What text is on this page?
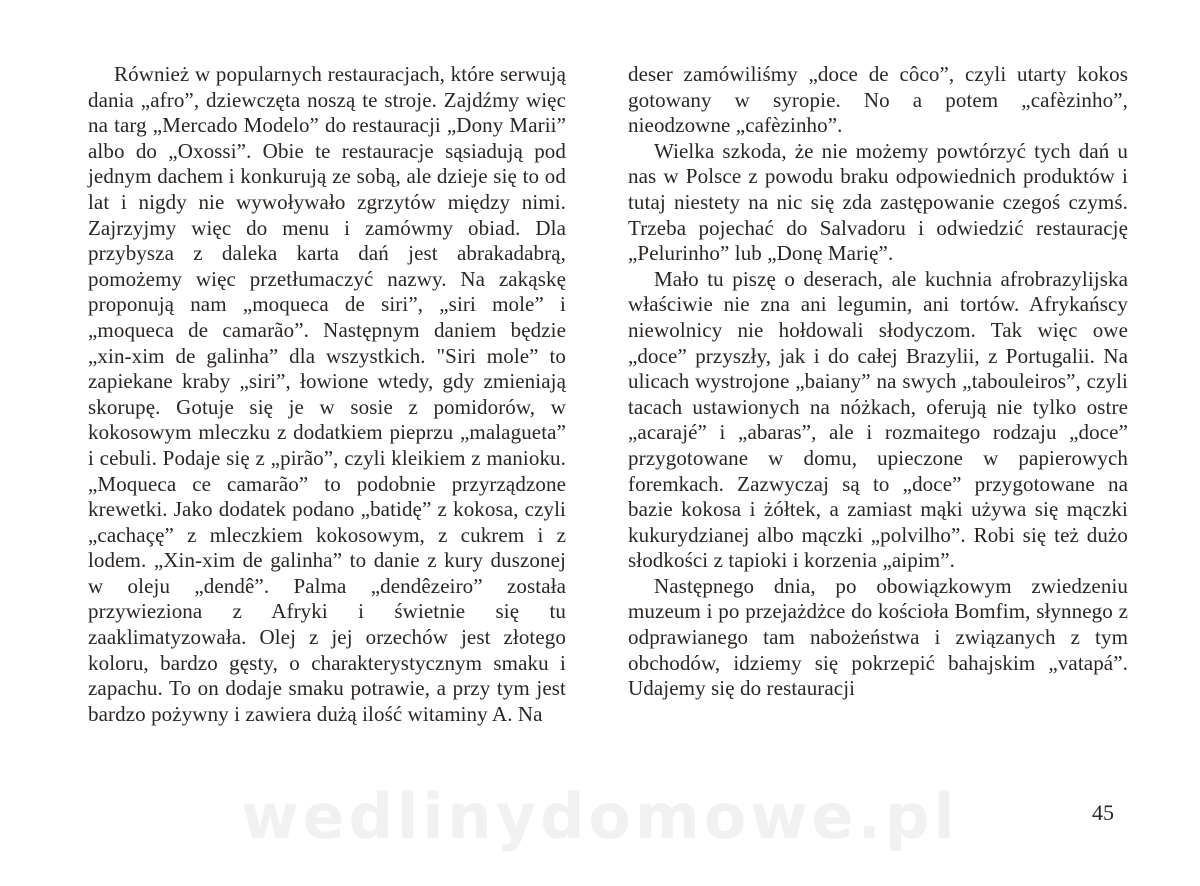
wedlinydomowe.pl

Również w popularnych restauracjach, które serwują dania „afro”, dziewczęta noszą te stroje. Zajdźmy więc na targ „Mercado Modelo” do restauracji „Dony Marii” albo do „Oxossi”. Obie te restauracje sąsiadują pod jednym dachem i konkurują ze sobą, ale dzieje się to od lat i nigdy nie wywoływało zgrzytów między nimi. Zajrzyjmy więc do menu i zamówmy obiad. Dla przybysza z daleka karta dań jest abrakadabrą, pomożemy więc przetłumaczyć nazwy. Na zakąskę proponują nam „moqueca de siri”, „siri mole” i „moqueca de camarão”. Następnym daniem będzie „xin-xim de galinha” dla wszystkich. "Siri mole” to zapiekane kraby „siri”, łowione wtedy, gdy zmieniają skorupę. Gotuje się je w sosie z pomidorów, w kokosowym mleczku z dodatkiem pieprzu „malagueta” i cebuli. Podaje się z „pirão”, czyli kleikiem z manioku. „Moqueca ce camarão” to podobnie przyrządzone krewetki. Jako dodatek podano „batidę” z kokosa, czyli „cachaçę” z mleczkiem kokosowym, z cukrem i z lodem. „Xin-xim de galinha” to danie z kury duszonej w oleju „dendê”. Palma „dendêzeiro” została przywieziona z Afryki i świetnie się tu zaaklimatyzowała. Olej z jej orzechów jest złotego koloru, bardzo gęsty, o charakterystycznym smaku i zapachu. To on dodaje smaku potrawie, a przy tym jest bardzo pożywny i zawiera dużą ilość witaminy A. Na

deser zamówiliśmy „doce de côco”, czyli utarty kokos gotowany w syropie. No a potem „cafèzinho”, nieodzowne „cafèzinho”.

Wielka szkoda, że nie możemy powtórzyć tych dań u nas w Polsce z powodu braku odpowiednich produktów i tutaj niestety na nic się zda zastępowanie czegoś czymś. Trzeba pojechać do Salvadoru i odwiedzić restaurację „Pelurinho” lub „Donę Marię”.

Mało tu piszę o deserach, ale kuchnia afrobrazylijska właściwie nie zna ani legumin, ani tortów. Afrykańscy niewolnicy nie hołdowali słodyczom. Tak więc owe „doce” przyszły, jak i do całej Brazylii, z Portugalii. Na ulicach wystrojone „baiany” na swych „tabouleiros”, czyli tacach ustawionych na nóżkach, oferują nie tylko ostre „acarajé” i „abaras”, ale i rozmaitego rodzaju „doce” przygotowane w domu, upieczone w papierowych foremkach. Zazwyczaj są to „doce” przygotowane na bazie kokosa i żółtek, a zamiast mąki używa się mączki kukurydzianej albo mączki „polvilho”. Robi się też dużo słodkości z tapioki i korzenia „aipim”.

Następnego dnia, po obowiązkowym zwiedzeniu muzeum i po przejażdżce do kościoła Bomfim, słynnego z odprawianego tam nabożeństwa i związanych z tym obchodów, idziemy się pokrzepić bahajskim „vatapá”. Udajemy się do restauracji

45
